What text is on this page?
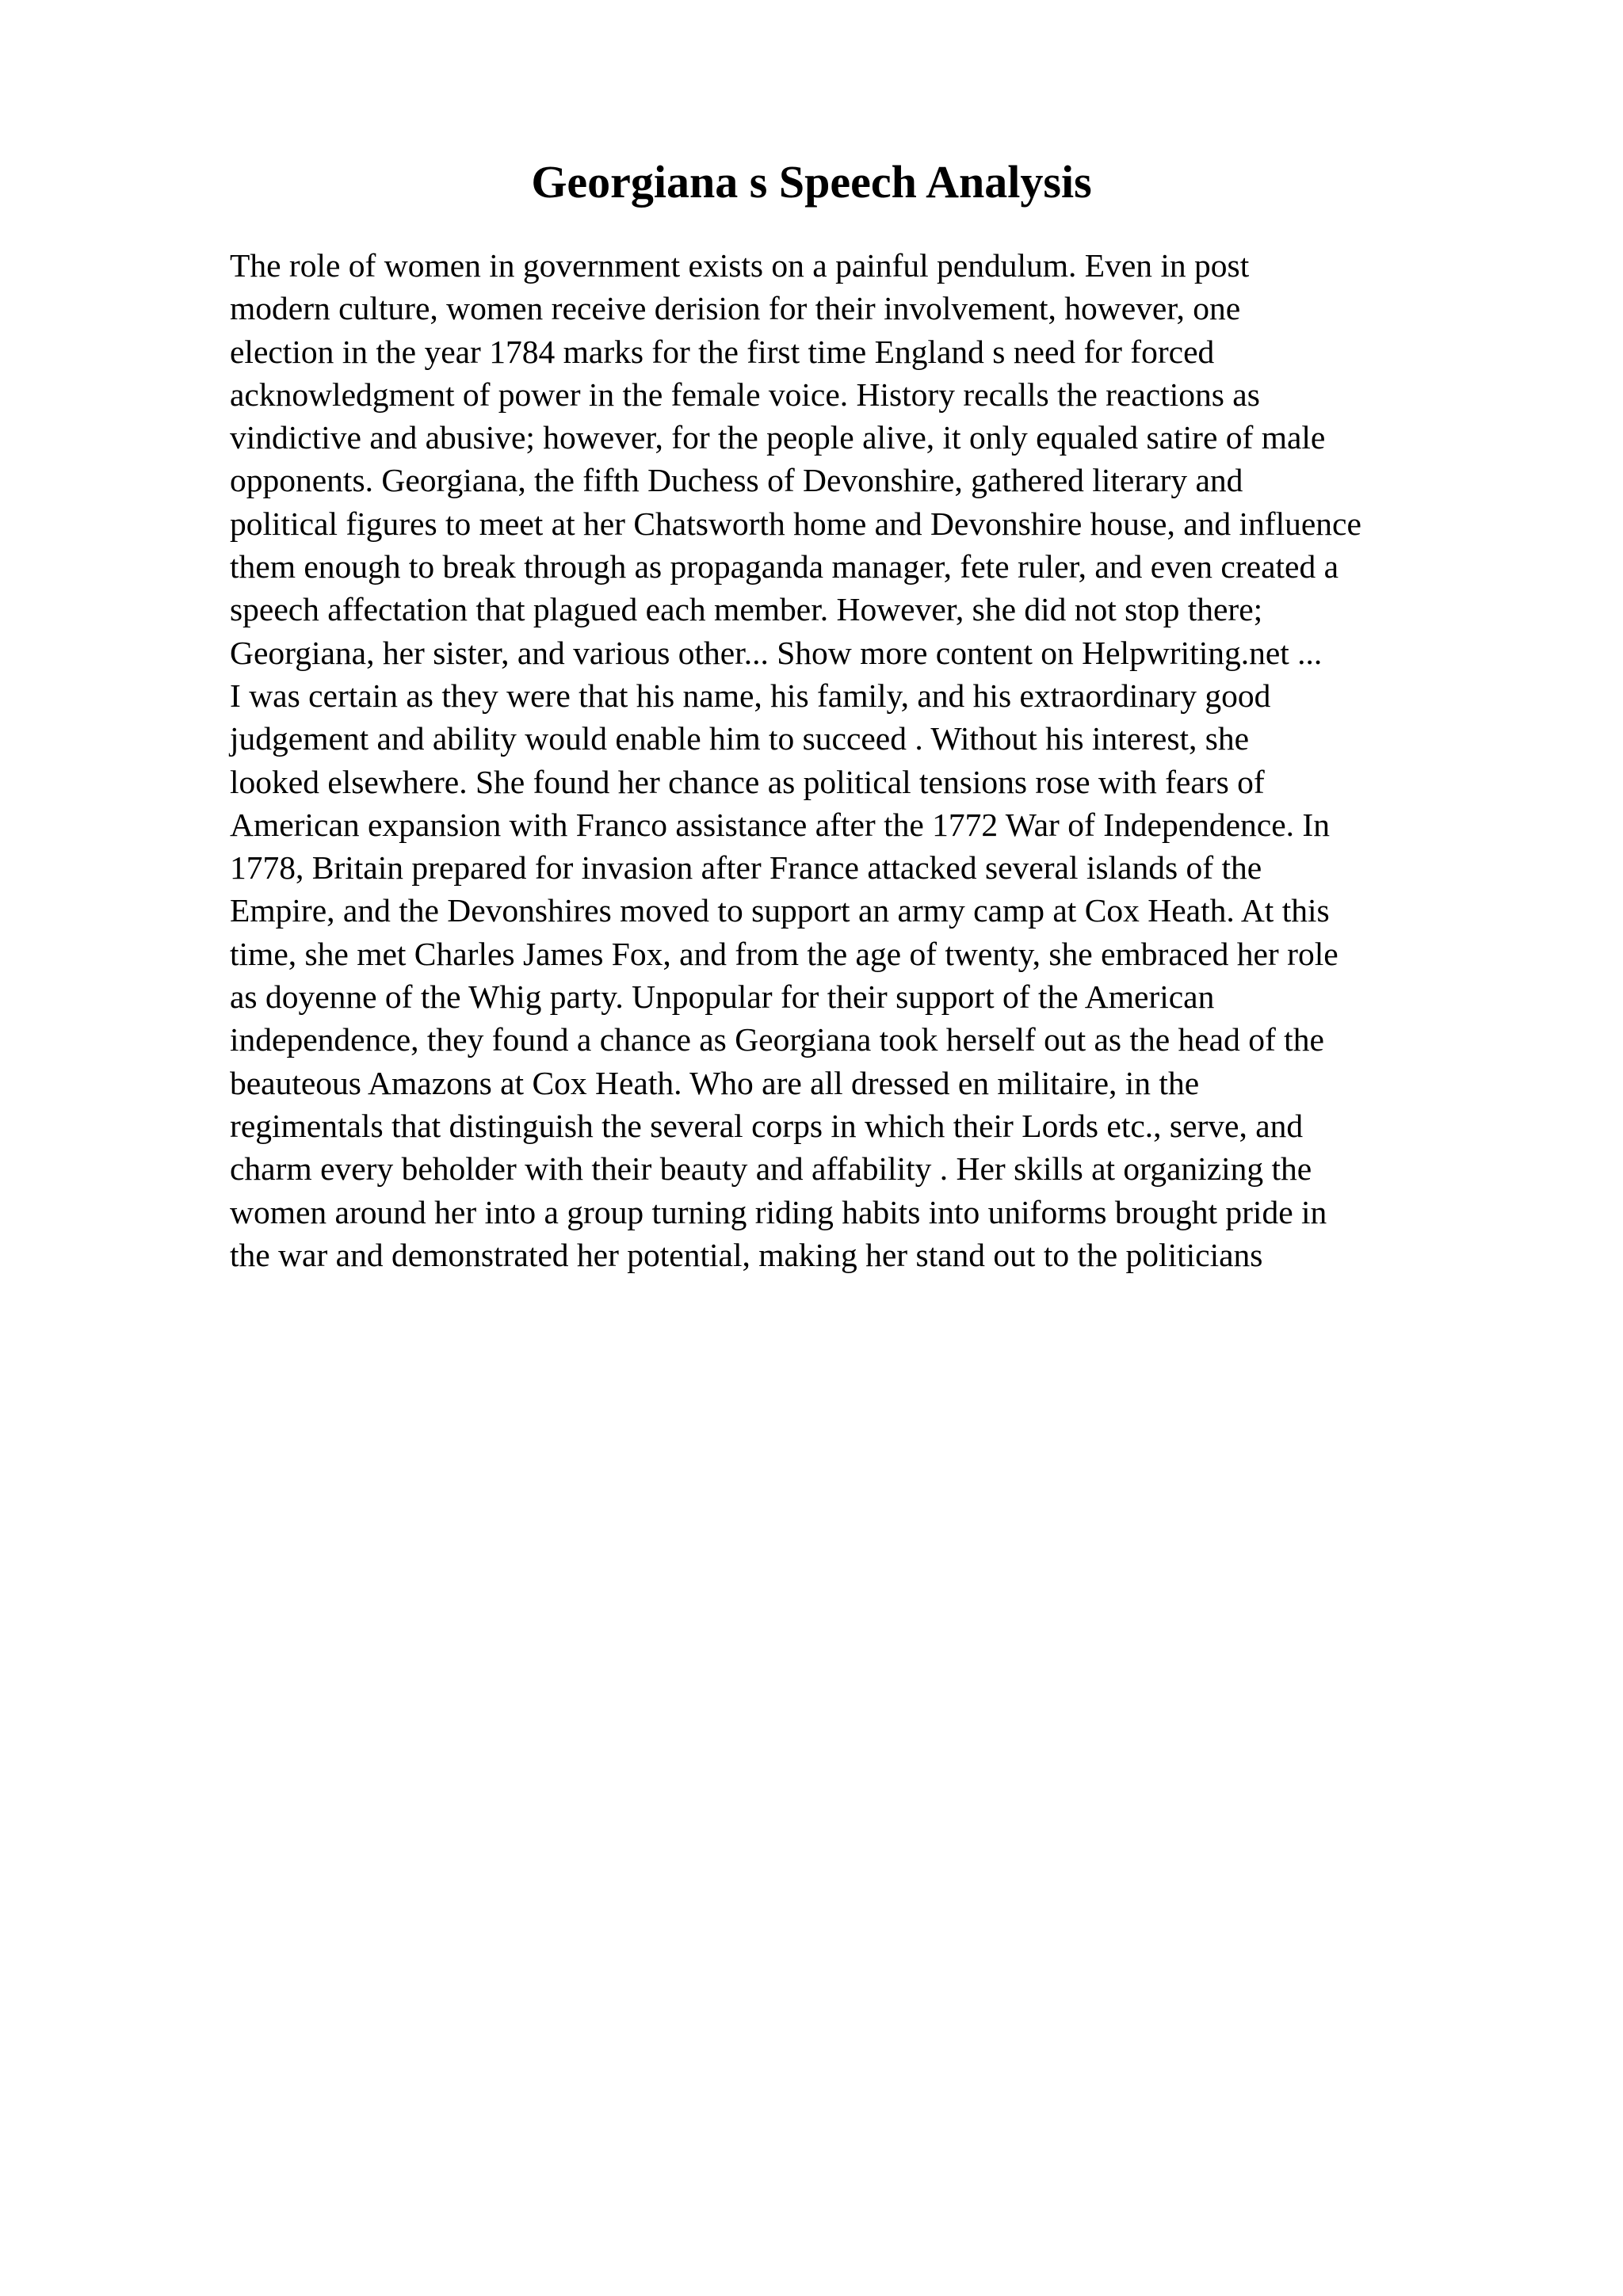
Georgiana s Speech Analysis
The role of women in government exists on a painful pendulum. Even in post
modern culture, women receive derision for their involvement, however, one
election in the year 1784 marks for the first time England s need for forced
acknowledgment of power in the female voice. History recalls the reactions as
vindictive and abusive; however, for the people alive, it only equaled satire of male
opponents. Georgiana, the fifth Duchess of Devonshire, gathered literary and
political figures to meet at her Chatsworth home and Devonshire house, and influence
them enough to break through as propaganda manager, fete ruler, and even created a
speech affectation that plagued each member. However, she did not stop there;
Georgiana, her sister, and various other... Show more content on Helpwriting.net ...
I was certain as they were that his name, his family, and his extraordinary good
judgement and ability would enable him to succeed . Without his interest, she
looked elsewhere. She found her chance as political tensions rose with fears of
American expansion with Franco assistance after the 1772 War of Independence. In
1778, Britain prepared for invasion after France attacked several islands of the
Empire, and the Devonshires moved to support an army camp at Cox Heath. At this
time, she met Charles James Fox, and from the age of twenty, she embraced her role
as doyenne of the Whig party. Unpopular for their support of the American
independence, they found a chance as Georgiana took herself out as the head of the
beauteous Amazons at Cox Heath. Who are all dressed en militaire, in the
regimentals that distinguish the several corps in which their Lords etc., serve, and
charm every beholder with their beauty and affability . Her skills at organizing the
women around her into a group turning riding habits into uniforms brought pride in
the war and demonstrated her potential, making her stand out to the politicians
